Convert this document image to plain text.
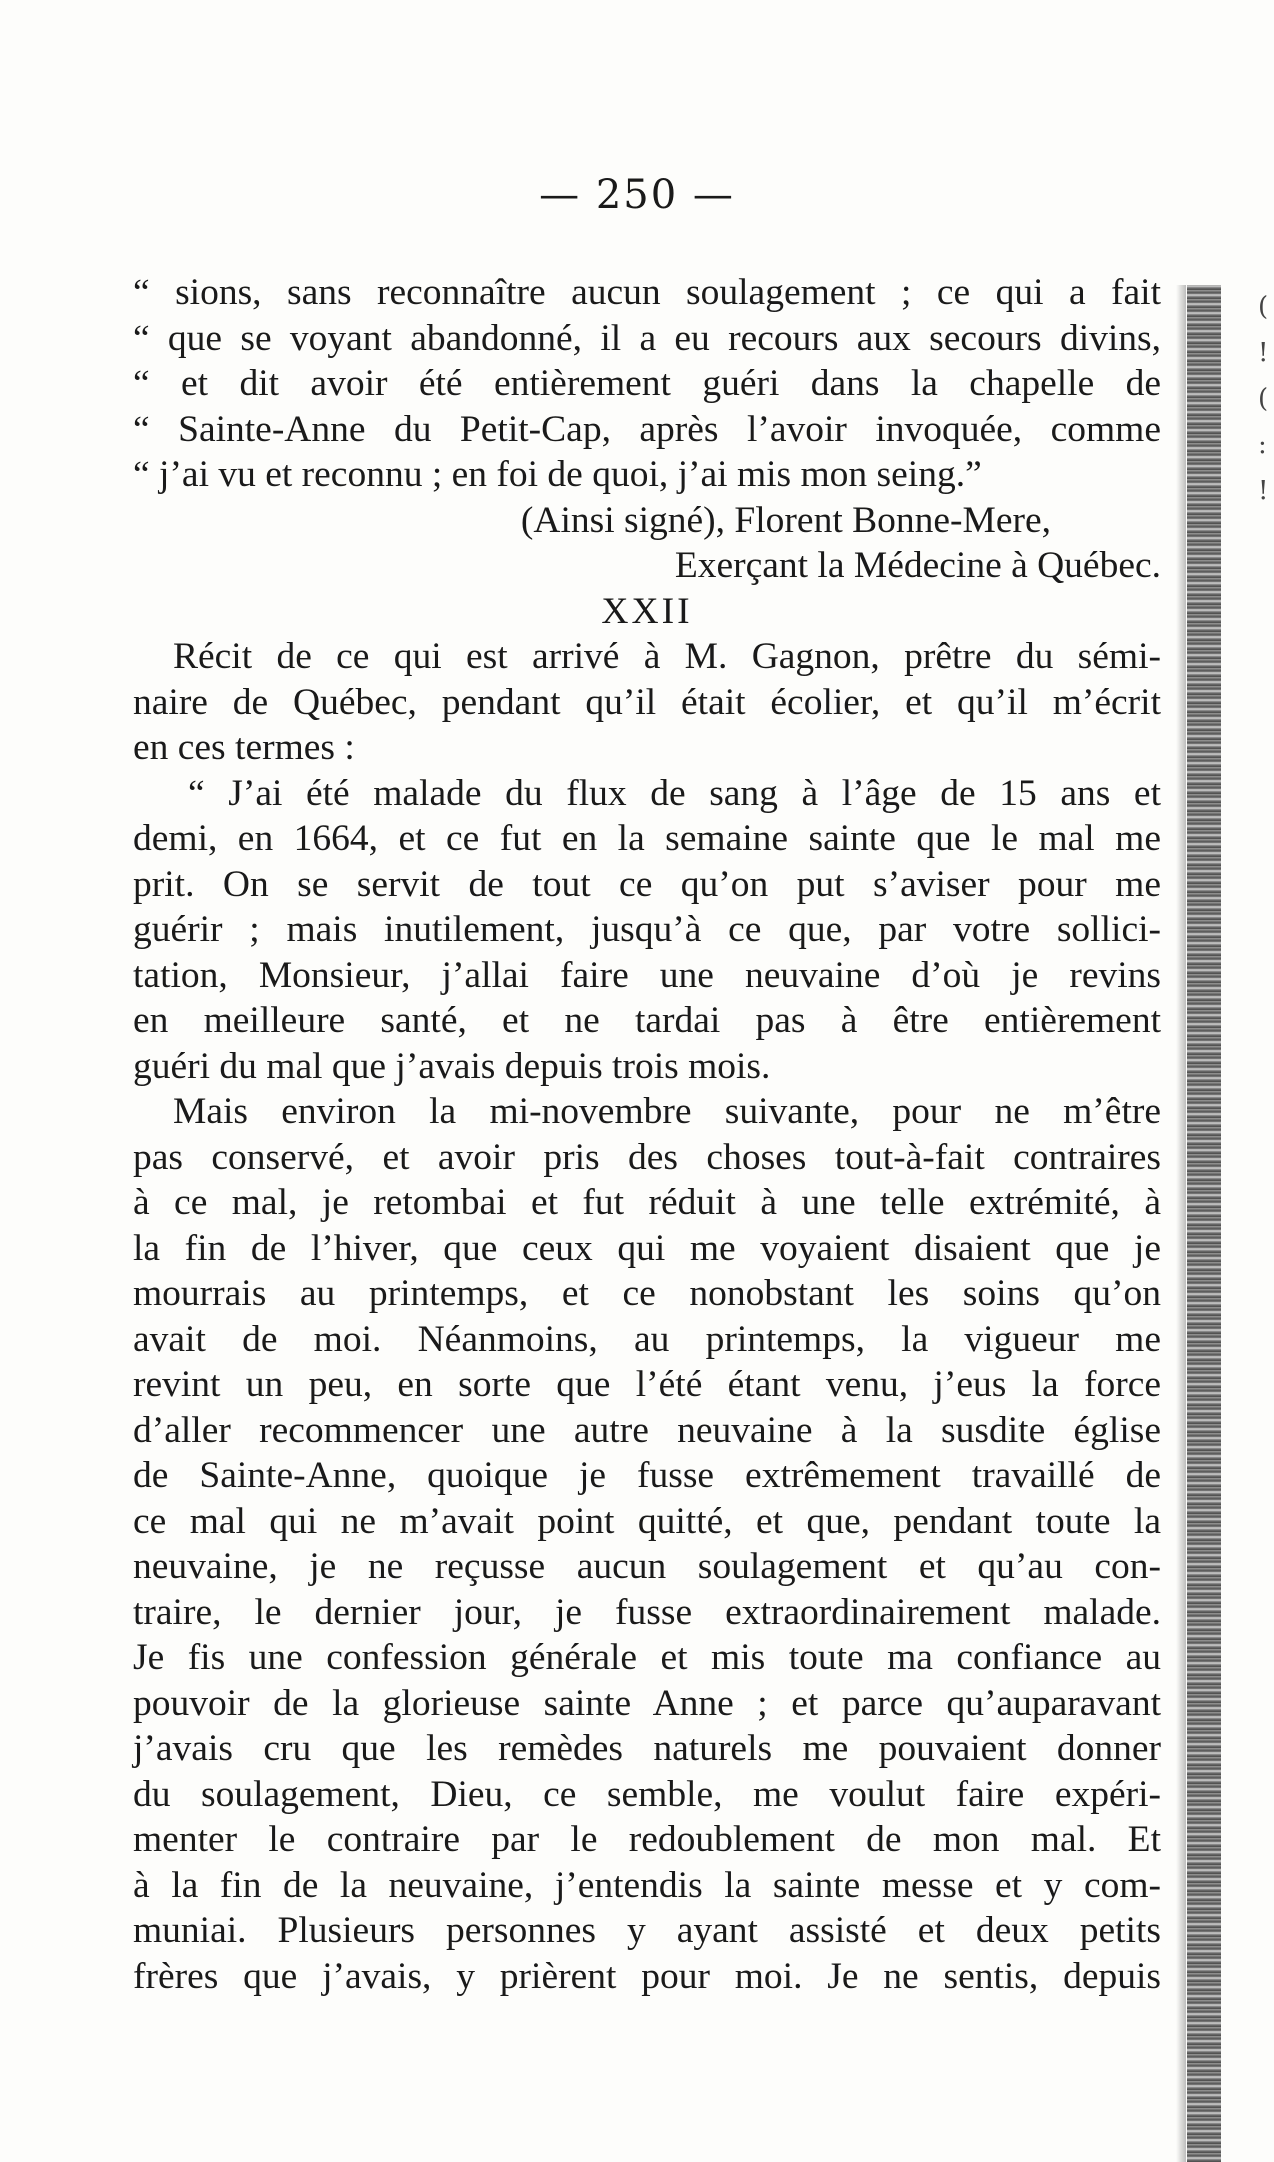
— 250 —
“ sions, sans reconnaître aucun soulagement ; ce qui a fait
“ que se voyant abandonné, il a eu recours aux secours divins,
“ et dit avoir été entièrement guéri dans la chapelle de
“ Sainte-Anne du Petit-Cap, après l’avoir invoquée, comme
“ j’ai vu et reconnu ; en foi de quoi, j’ai mis mon seing.”
(Ainsi signé), Florent Bonne-Mere,
Exerçant la Médecine à Québec.
XXII
Récit de ce qui est arrivé à M. Gagnon, prêtre du sémi-
naire de Québec, pendant qu’il était écolier, et qu’il m’écrit
en ces termes :
“ J’ai été malade du flux de sang à l’âge de 15 ans et
demi, en 1664, et ce fut en la semaine sainte que le mal me
prit. On se servit de tout ce qu’on put s’aviser pour me
guérir ; mais inutilement, jusqu’à ce que, par votre sollici-
tation, Monsieur, j’allai faire une neuvaine d’où je revins
en meilleure santé, et ne tardai pas à être entièrement
guéri du mal que j’avais depuis trois mois.
Mais environ la mi-novembre suivante, pour ne m’être
pas conservé, et avoir pris des choses tout-à-fait contraires
à ce mal, je retombai et fut réduit à une telle extrémité, à
la fin de l’hiver, que ceux qui me voyaient disaient que je
mourrais au printemps, et ce nonobstant les soins qu’on
avait de moi. Néanmoins, au printemps, la vigueur me
revint un peu, en sorte que l’été étant venu, j’eus la force
d’aller recommencer une autre neuvaine à la susdite église
de Sainte-Anne, quoique je fusse extrêmement travaillé de
ce mal qui ne m’avait point quitté, et que, pendant toute la
neuvaine, je ne reçusse aucun soulagement et qu’au con-
traire, le dernier jour, je fusse extraordinairement malade.
Je fis une confession générale et mis toute ma confiance au
pouvoir de la glorieuse sainte Anne ; et parce qu’auparavant
j’avais cru que les remèdes naturels me pouvaient donner
du soulagement, Dieu, ce semble, me voulut faire expéri-
menter le contraire par le redoublement de mon mal. Et
à la fin de la neuvaine, j’entendis la sainte messe et y com-
muniai. Plusieurs personnes y ayant assisté et deux petits
frères que j’avais, y prièrent pour moi. Je ne sentis, depuis
(
!
(
:
!
